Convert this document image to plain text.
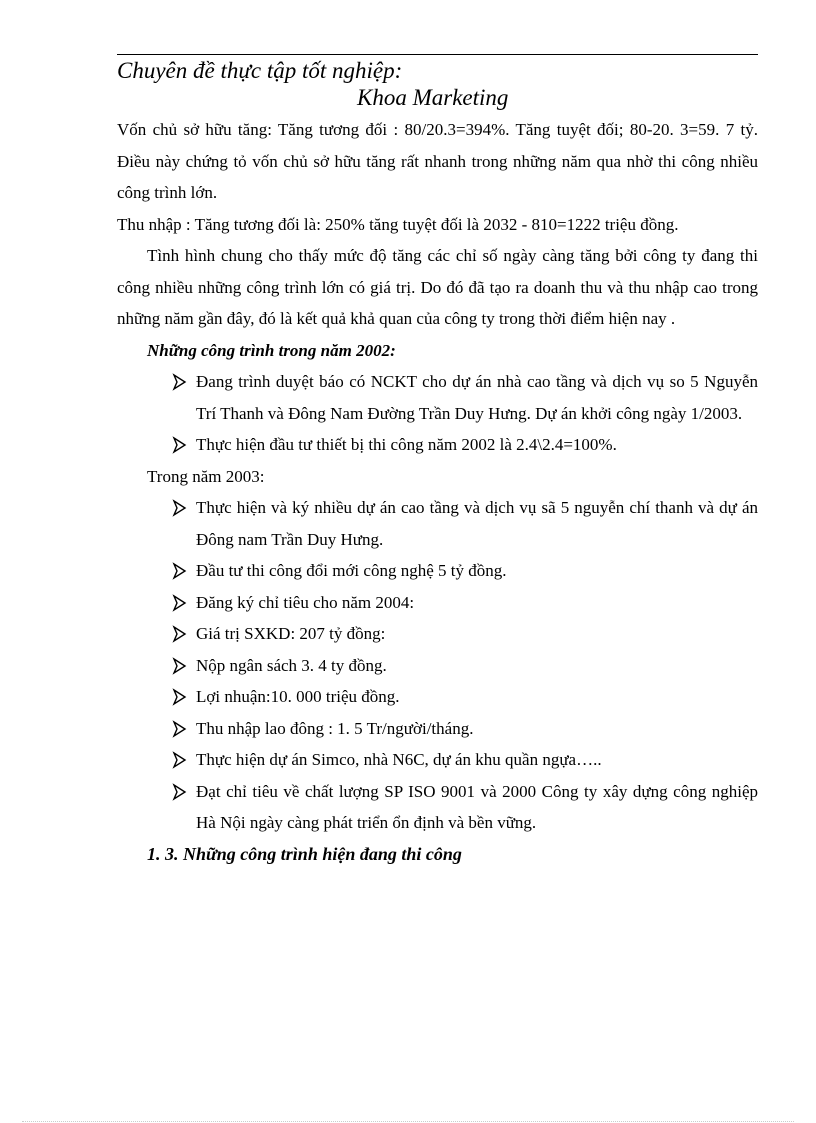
Chuyên đề thực tập tốt nghiệp:
Khoa Marketing

Vốn chủ sở hữu tăng: Tăng tương đối : 80/20.3=394%. Tăng tuyệt đối; 80-20. 3=59. 7 tỷ. Điều này chứng tỏ vốn chủ sở hữu tăng rất nhanh trong những năm qua nhờ thi công nhiều công trình lớn.

Thu nhập : Tăng tương đối là: 250% tăng tuyệt đối là 2032 - 810=1222 triệu đồng.

Tình hình chung cho thấy mức độ tăng các chỉ số ngày càng tăng bởi công ty đang thi công nhiều những công trình lớn có giá trị. Do đó đã tạo ra doanh thu và thu nhập cao trong những năm gần đây, đó là kết quả khả quan của công ty trong thời điểm hiện nay .

Những công trình trong năm 2002:

Đang trình duyệt báo có NCKT cho dự án nhà cao tầng và dịch vụ so 5 Nguyễn Trí Thanh và Đông Nam Đường Trần Duy Hưng. Dự án khởi công ngày 1/2003.
Thực hiện đầu tư thiết bị thi công năm 2002 là 2.4\2.4=100%.

Trong năm 2003:

Thực hiện và ký nhiều dự án cao tầng và dịch vụ sã 5 nguyễn chí thanh và dự án Đông nam Trần Duy Hưng.
Đầu tư thi công đổi mới công nghệ 5 tỷ đồng.
Đăng ký chỉ tiêu cho năm 2004:
Giá trị SXKD: 207 tỷ đồng:
Nộp ngân sách 3. 4 ty đồng.
Lợi nhuận:10. 000 triệu đồng.
Thu nhập lao đông : 1. 5 Tr/người/tháng.
Thực hiện dự án Simco, nhà N6C, dự án khu quần ngựa…..
Đạt chỉ tiêu về chất lượng SP ISO 9001 và 2000 Công ty xây dựng công nghiệp Hà Nội ngày càng phát triển ổn định và bền vững.

1. 3. Những công trình hiện đang thi công
